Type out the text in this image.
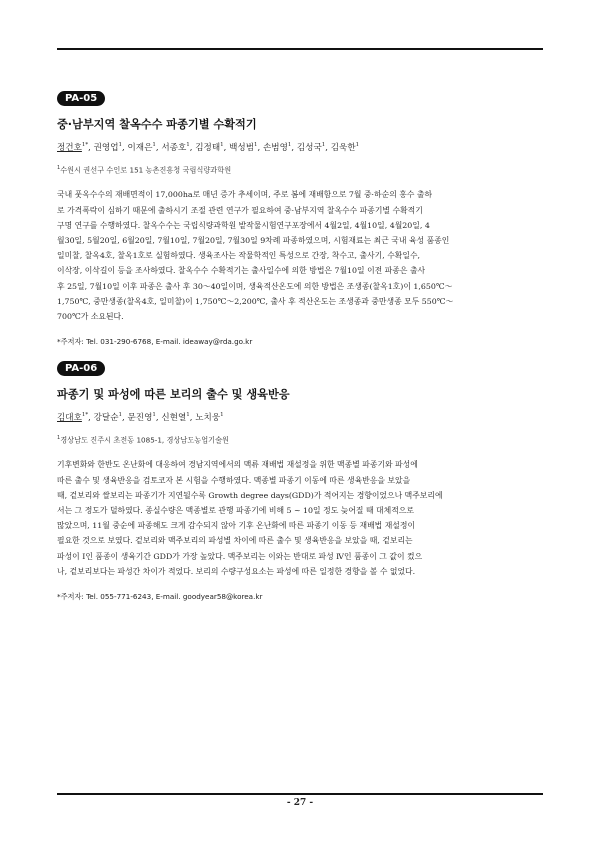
PA-05
중·남부지역 찰옥수수 파종기별 수확적기
정건호$^{1*}$, 권영업$^1$, 이재은$^1$, 서종호$^1$, 김정태$^1$, 백성범$^1$, 손범영$^1$, 김성국$^1$, 김욱한$^1$
$^1$수원시 권선구 수인로 151 농촌진흥청 국립식량과학원
국내 풋옥수수의 재배면적이 17,000ha로 매년 증가 추세이며, 주로 봄에 재배함으로 7월 중·하순의 홍수 출하
로 가격폭락이 심하기 때문에 출하시기 조절 관련 연구가 필요하여 중·남부지역 찰옥수수 파종기별 수확적기
구명 연구를 수행하였다. 찰옥수수는 국립식량과학원 밭작물시험연구포장에서 4월2일, 4월10일, 4월20일, 4
월30일, 5월20일, 6월20일, 7월10일, 7월20일, 7월30일 9차례 파종하였으며, 시험재료는 최근 국내 육성 품종인
일미찰, 찰옥4호, 찰옥1호로 실험하였다. 생육조사는 작물학적인 특성으로 간장, 착수고, 출사기, 수확일수,
이삭장, 이삭길이 등을 조사하였다. 찰옥수수 수확적기는 출사일수에 의한 방법은 7월10일 이전 파종은 출사
후 25일, 7월10일 이후 파종은 출사 후 30～40일이며, 생육적산온도에 의한 방법은 조생종(찰옥1호)이 1,650℃～
1,750℃, 중만생종(찰옥4호, 일미찰)이 1,750℃～2,200℃, 출사 후 적산온도는 조생종과 중만생종 모두 550℃～
700℃가 소요된다.
*주저자: Tel. 031-290-6768, E-mail. ideaway@rda.go.kr
PA-06
파종기 및 파성에 따른 보리의 출수 및 생육반응
김대호$^{1*}$, 강달순$^1$, 문진영$^1$, 신현열$^1$, 노치웅$^1$
$^1$경상남도 진주시 초전동 1085-1, 경상남도농업기술원
기후변화와 한반도 온난화에 대응하여 경남지역에서의 맥류 재배법 재설정을 위한 맥종별 파종기와 파성에
따른 출수 및 생육반응을 검토코자 본 시험을 수행하였다. 맥종별 파종기 이동에 따른 생육반응을 보았을
때, 겉보리와 쌀보리는 파종기가 지연될수록 Growth degree days(GDD)가 적어지는 경향이었으나 맥주보리에
서는 그 정도가 덜하였다. 종실수량은 맥종별로 관행 파종기에 비해 5 ~ 10일 정도 늦어질 때 대체적으로
많았으며, 11월 중순에 파종해도 크게 감수되지 않아 기후 온난화에 따른 파종기 이동 등 재배법 재설정이
필요한 것으로 보였다. 겉보리와 맥주보리의 파성별 차이에 따른 출수 및 생육반응을 보았을 때, 겉보리는
파성이 Ⅰ인 품종이 생육기간 GDD가 가장 높았다. 맥주보리는 이와는 반대로 파성 Ⅳ인 품종이 그 값이 컸으
나, 겉보리보다는 파성간 차이가 적었다. 보리의 수량구성요소는 파성에 따른 일정한 경향을 볼 수 없었다.
*주저자: Tel. 055-771-6243, E-mail. goodyear58@korea.kr
- 27 -
